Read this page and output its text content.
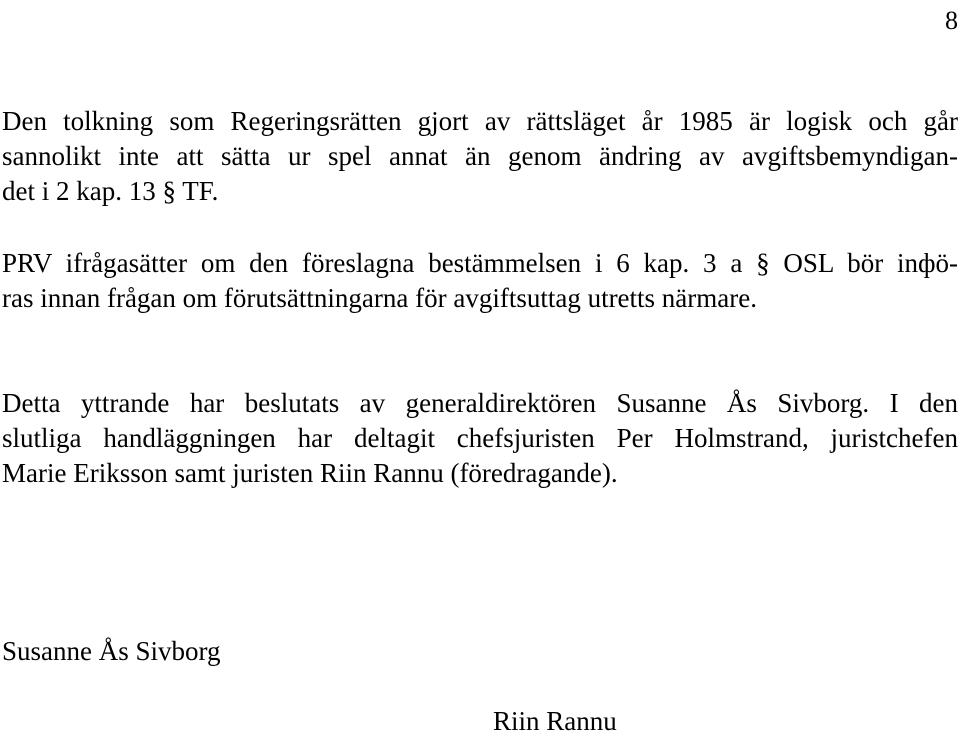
8
Den tolkning som Regeringsrätten gjort av rättsläget år 1985 är logisk och går
sannolikt inte att sätta ur spel annat än genom ändring av avgiftsbemyndigan-
det i 2 kap. 13 § TF.
PRV ifrågasätter om den föreslagna bestämmelsen i 6 kap. 3 a § OSL bör inфö-
ras innan frågan om förutsättningarna för avgiftsuttag utretts närmare.
Detta yttrande har beslutats av generaldirektören Susanne Ås Sivborg. I den
slutliga handläggningen har deltagit chefsjuristen Per Holmstrand, juristchefen
Marie Eriksson samt juristen Riin Rannu (föredragande).
Susanne Ås Sivborg
Riin Rannu
